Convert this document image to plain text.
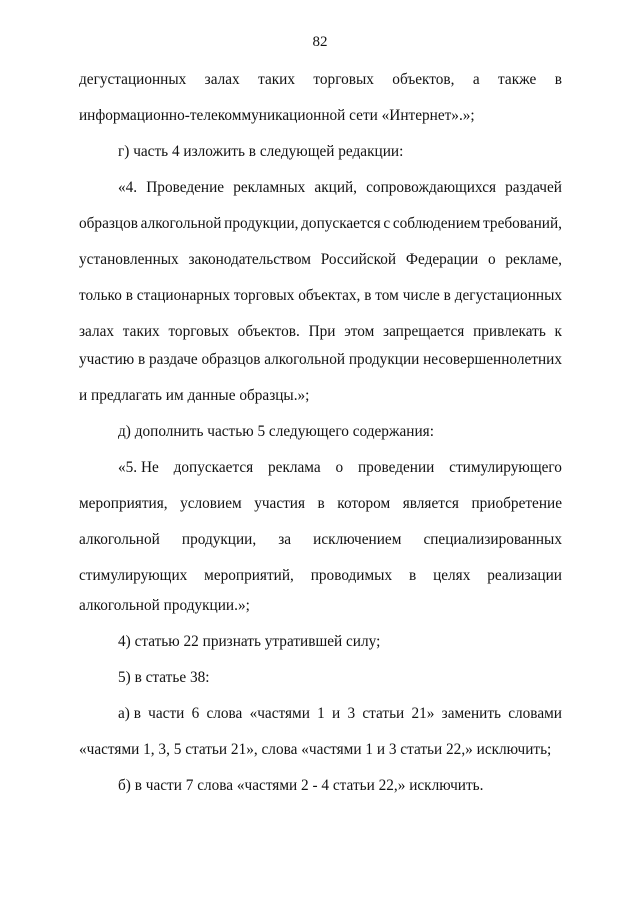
82
дегустационных залах таких торговых объектов, а также в
информационно-телекоммуникационной сети «Интернет».»;
г) часть 4 изложить в следующей редакции:
«4. Проведение рекламных акций, сопровождающихся раздачей
образцов алкогольной продукции, допускается с соблюдением требований,
установленных законодательством Российской Федерации о рекламе,
только в стационарных торговых объектах, в том числе в дегустационных
залах таких торговых объектов. При этом запрещается привлекать к
участию в раздаче образцов алкогольной продукции несовершеннолетних
и предлагать им данные образцы.»;
д) дополнить частью 5 следующего содержания:
«5. Не допускается реклама о проведении стимулирующего
мероприятия, условием участия в котором является приобретение
алкогольной продукции, за исключением специализированных
стимулирующих мероприятий, проводимых в целях реализации
алкогольной продукции.»;
4) статью 22 признать утратившей силу;
5) в статье 38:
а) в части 6 слова «частями 1 и 3 статьи 21» заменить словами
«частями 1, 3, 5 статьи 21», слова «частями 1 и 3 статьи 22,» исключить;
б) в части 7 слова «частями 2 - 4 статьи 22,» исключить.
